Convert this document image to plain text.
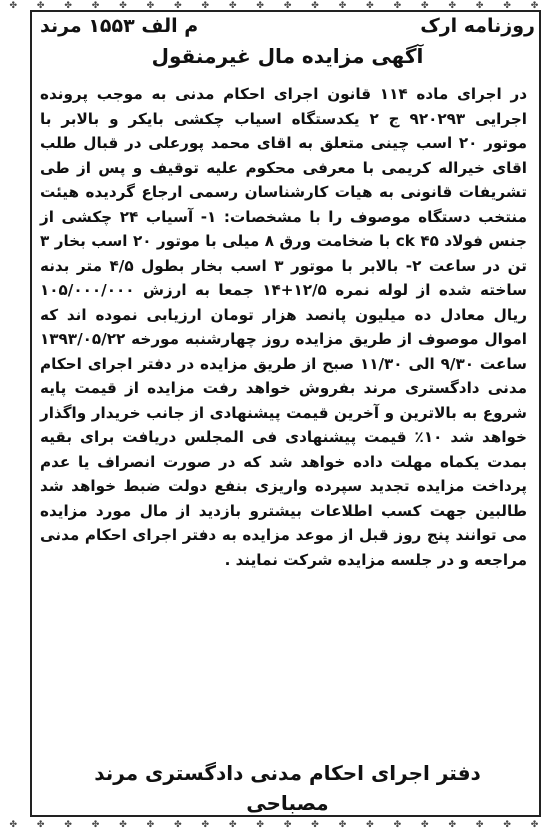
✤ ✤ ✤ ✤ ✤ ✤ ✤ ✤ ✤ ✤ ✤ ✤ ✤ ✤ ✤ ✤ ✤ ✤ ✤ ✤
روزنامه ارک
م الف ۱۵۵۳ مرند
آگهی مزایده مال غیرمنقول

در اجرای ماده ۱۱۴ قانون اجرای احکام مدنی به موجب پرونده اجرایی ۹۲۰۲۹۳ ج ۲ یکدستگاه اسیاب چکشی بایکر و بالابر با موتور ۲۰ اسب چینی متعلق به اقای محمد پورعلی در قبال طلب اقای خیراله کریمی با معرفی محکوم علیه توقیف و پس از طی تشریفات قانونی به هیات کارشناسان رسمی ارجاع گردیده هیئت منتخب دستگاه موصوف را با مشخصات: ۱- آسیاب ۲۴ چکشی از جنس فولاد ۴۵ ck با ضخامت ورق ۸ میلی با موتور ۲۰ اسب بخار ۳ تن در ساعت ۲- بالابر با موتور ۳ اسب بخار بطول ۴/۵ متر بدنه ساخته شده از لوله نمره ۱۲/۵+۱۴ جمعا به ارزش ۱۰۵/۰۰۰/۰۰۰ ریال معادل ده میلیون پانصد هزار تومان ارزیابی نموده اند که اموال موصوف از طریق مزایده روز چهارشنبه مورخه ۱۳۹۳/۰۵/۲۲ ساعت ۹/۳۰ الی ۱۱/۳۰ صبح از طریق مزایده در دفتر اجرای احکام مدنی دادگستری مرند بفروش خواهد رفت مزایده از قیمت پایه شروع به بالاترین و آخرین قیمت پیشنهادی از جانب خریدار واگذار خواهد شد ۱۰٪ قیمت پیشنهادی فی المجلس دریافت برای بقیه بمدت یکماه مهلت داده خواهد شد که در صورت انصراف یا عدم پرداخت مزایده تجدید سپرده واریزی بنفع دولت ضبط خواهد شد طالبین جهت کسب اطلاعات بیشترو بازدید از مال مورد مزایده می توانند پنج روز قبل از موعد مزایده به دفتر اجرای احکام مدنی مراجعه و در جلسه مزایده شرکت نمایند .

دفتر اجرای احکام مدنی دادگستری مرند
مصباحی
✤ ✤ ✤ ✤ ✤ ✤ ✤ ✤ ✤ ✤ ✤ ✤ ✤ ✤ ✤ ✤ ✤ ✤ ✤ ✤
